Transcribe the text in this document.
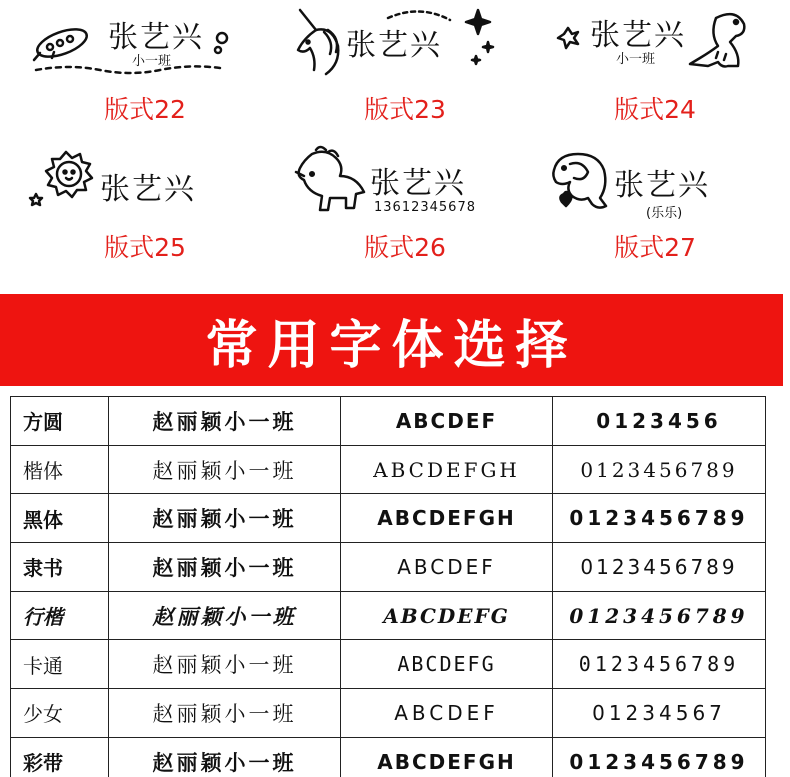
张艺兴
小一班
版式22
张艺兴
版式23
张艺兴
小一班
版式24
张艺兴
版式25
张艺兴
13612345678
版式26
张艺兴
(乐乐)
版式27
常用字体选择
方圆	赵丽颖小一班	ABCDEF	0123456
楷体	赵丽颖小一班	ABCDEFGH	0123456789
黑体	赵丽颖小一班	ABCDEFGH	0123456789
隶书	赵丽颖小一班	ABCDEF	0123456789
行楷	赵丽颖小一班	ABCDEFG	0123456789
卡通	赵丽颖小一班	ABCDEFG	0123456789
少女	赵丽颖小一班	ABCDEF	01234567
彩带	赵丽颖小一班	ABCDEFGH	0123456789
